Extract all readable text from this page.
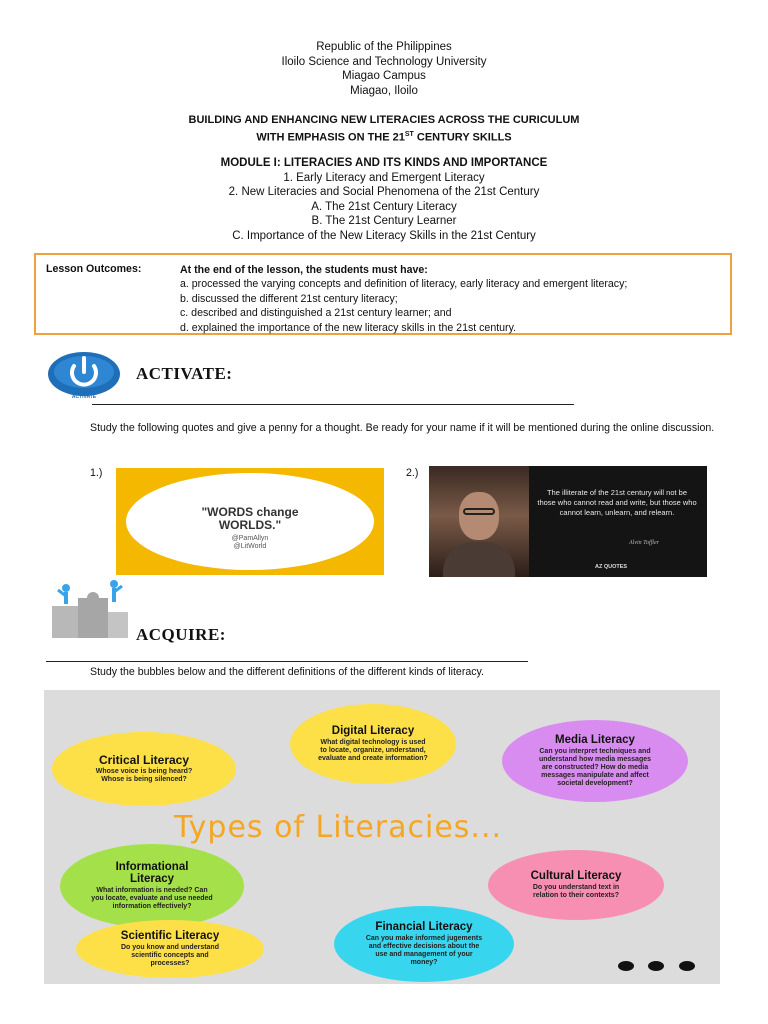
Republic of the Philippines
Iloilo Science and Technology University
Miagao Campus
Miagao, Iloilo
BUILDING AND ENHANCING NEW LITERACIES ACROSS THE CURICULUM
WITH EMPHASIS ON THE 21ST CENTURY SKILLS
MODULE I: LITERACIES AND ITS KINDS AND IMPORTANCE
1. Early Literacy and Emergent Literacy
2. New Literacies and Social Phenomena of the 21st Century
A. The 21st Century Literacy
B. The 21st Century Learner
C. Importance of the New Literacy Skills in the 21st Century
Lesson Outcomes:	At the end of the lesson, the students must have:
a. processed the varying concepts and definition of literacy, early literacy and emergent literacy;
b. discussed the different 21st century literacy;
c. described and distinguished a 21st century learner; and
d. explained the importance of the new literacy skills in the 21st century.
ACTIVATE
ACTIVATE:
Study the following quotes and give a penny for a thought. Be ready for your name if it will be mentioned during the online discussion.
1.)
"WORDS change
WORLDS."
@PamAllyn
@LitWorld
2.)
The illiterate of the 21st century will not be those who cannot read and write, but those who cannot learn, unlearn, and relearn.
Alvin Toffler
AZ QUOTES
ACQUIRE:
Study the bubbles below and the different definitions of the different kinds of literacy.
Digital Literacy
What digital technology is used to locate, organize, understand, evaluate and create information?
Critical Literacy
Whose voice is being heard? Whose is being silenced?
Media Literacy
Can you interpret techniques and understand how media messages are constructed? How do media messages manipulate and affect societal development?
Types of Literacies...
Informational Literacy
What information is needed? Can you locate, evaluate and use needed information effectively?
Cultural Literacy
Do you understand text in relation to their contexts?
Scientific Literacy
Do you know and understand scientific concepts and processes?
Financial Literacy
Can you make informed jugements and effective decisions about the use and management of your money?
